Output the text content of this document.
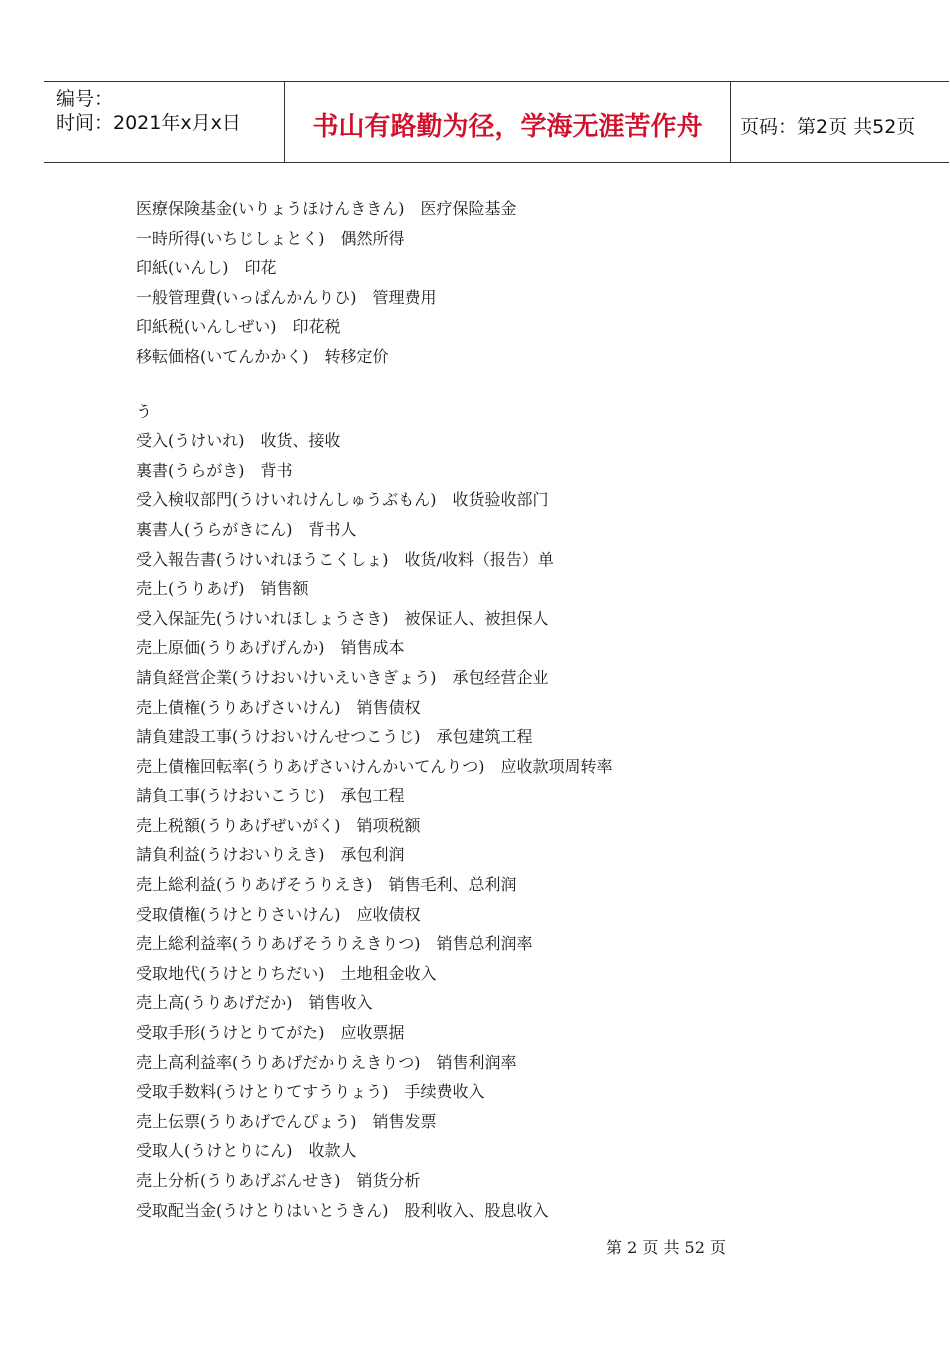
编号：
时间：2021年x月x日	书山有路勤为径，学海无涯苦作舟	页码：第2页 共52页
医療保険基金(いりょうほけんききん)　医疗保险基金
一時所得(いちじしょとく)　偶然所得
印紙(いんし)　印花
一般管理費(いっぱんかんりひ)　管理费用
印紙税(いんしぜい)　印花税
移転価格(いてんかかく)　转移定价
う
受入(うけいれ)　收货、接收
裏書(うらがき)　背书
受入検収部門(うけいれけんしゅうぶもん)　收货验收部门
裏書人(うらがきにん)　背书人
受入報告書(うけいれほうこくしょ)　收货/收料（报告）单
売上(うりあげ)　销售额
受入保証先(うけいれほしょうさき)　被保证人、被担保人
売上原価(うりあげげんか)　销售成本
請負経営企業(うけおいけいえいきぎょう)　承包经营企业
売上債権(うりあげさいけん)　销售债权
請負建設工事(うけおいけんせつこうじ)　承包建筑工程
売上債権回転率(うりあげさいけんかいてんりつ)　应收款项周转率
請負工事(うけおいこうじ)　承包工程
売上税額(うりあげぜいがく)　销项税额
請負利益(うけおいりえき)　承包利润
売上総利益(うりあげそうりえき)　销售毛利、总利润
受取債権(うけとりさいけん)　应收债权
売上総利益率(うりあげそうりえきりつ)　销售总利润率
受取地代(うけとりちだい)　土地租金收入
売上高(うりあげだか)　销售收入
受取手形(うけとりてがた)　应收票据
売上高利益率(うりあげだかりえきりつ)　销售利润率
受取手数料(うけとりてすうりょう)　手续费收入
売上伝票(うりあげでんぴょう)　销售发票
受取人(うけとりにん)　收款人
売上分析(うりあげぶんせき)　销货分析
受取配当金(うけとりはいとうきん)　股利收入、股息收入
第 2 页 共 52 页
